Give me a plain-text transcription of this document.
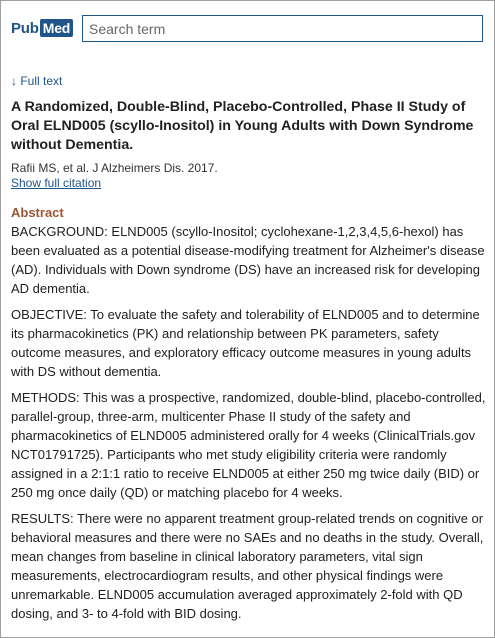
Pub Med
Search term
↓ Full text
A Randomized, Double-Blind, Placebo-Controlled, Phase II Study of Oral ELND005 (scyllo-Inositol) in Young Adults with Down Syndrome without Dementia.
Rafii MS, et al. J Alzheimers Dis. 2017.
Show full citation
Abstract

BACKGROUND: ELND005 (scyllo-Inositol; cyclohexane-1,2,3,4,5,6-hexol) has been evaluated as a potential disease-modifying treatment for Alzheimer's disease (AD). Individuals with Down syndrome (DS) have an increased risk for developing AD dementia.

OBJECTIVE: To evaluate the safety and tolerability of ELND005 and to determine its pharmacokinetics (PK) and relationship between PK parameters, safety outcome measures, and exploratory efficacy outcome measures in young adults with DS without dementia.

METHODS: This was a prospective, randomized, double-blind, placebo-controlled, parallel-group, three-arm, multicenter Phase II study of the safety and pharmacokinetics of ELND005 administered orally for 4 weeks (ClinicalTrials.gov NCT01791725). Participants who met study eligibility criteria were randomly assigned in a 2:1:1 ratio to receive ELND005 at either 250 mg twice daily (BID) or 250 mg once daily (QD) or matching placebo for 4 weeks.

RESULTS: There were no apparent treatment group-related trends on cognitive or behavioral measures and there were no SAEs and no deaths in the study. Overall, mean changes from baseline in clinical laboratory parameters, vital sign measurements, electrocardiogram results, and other physical findings were unremarkable. ELND005 accumulation averaged approximately 2-fold with QD dosing, and 3- to 4-fold with BID dosing.
